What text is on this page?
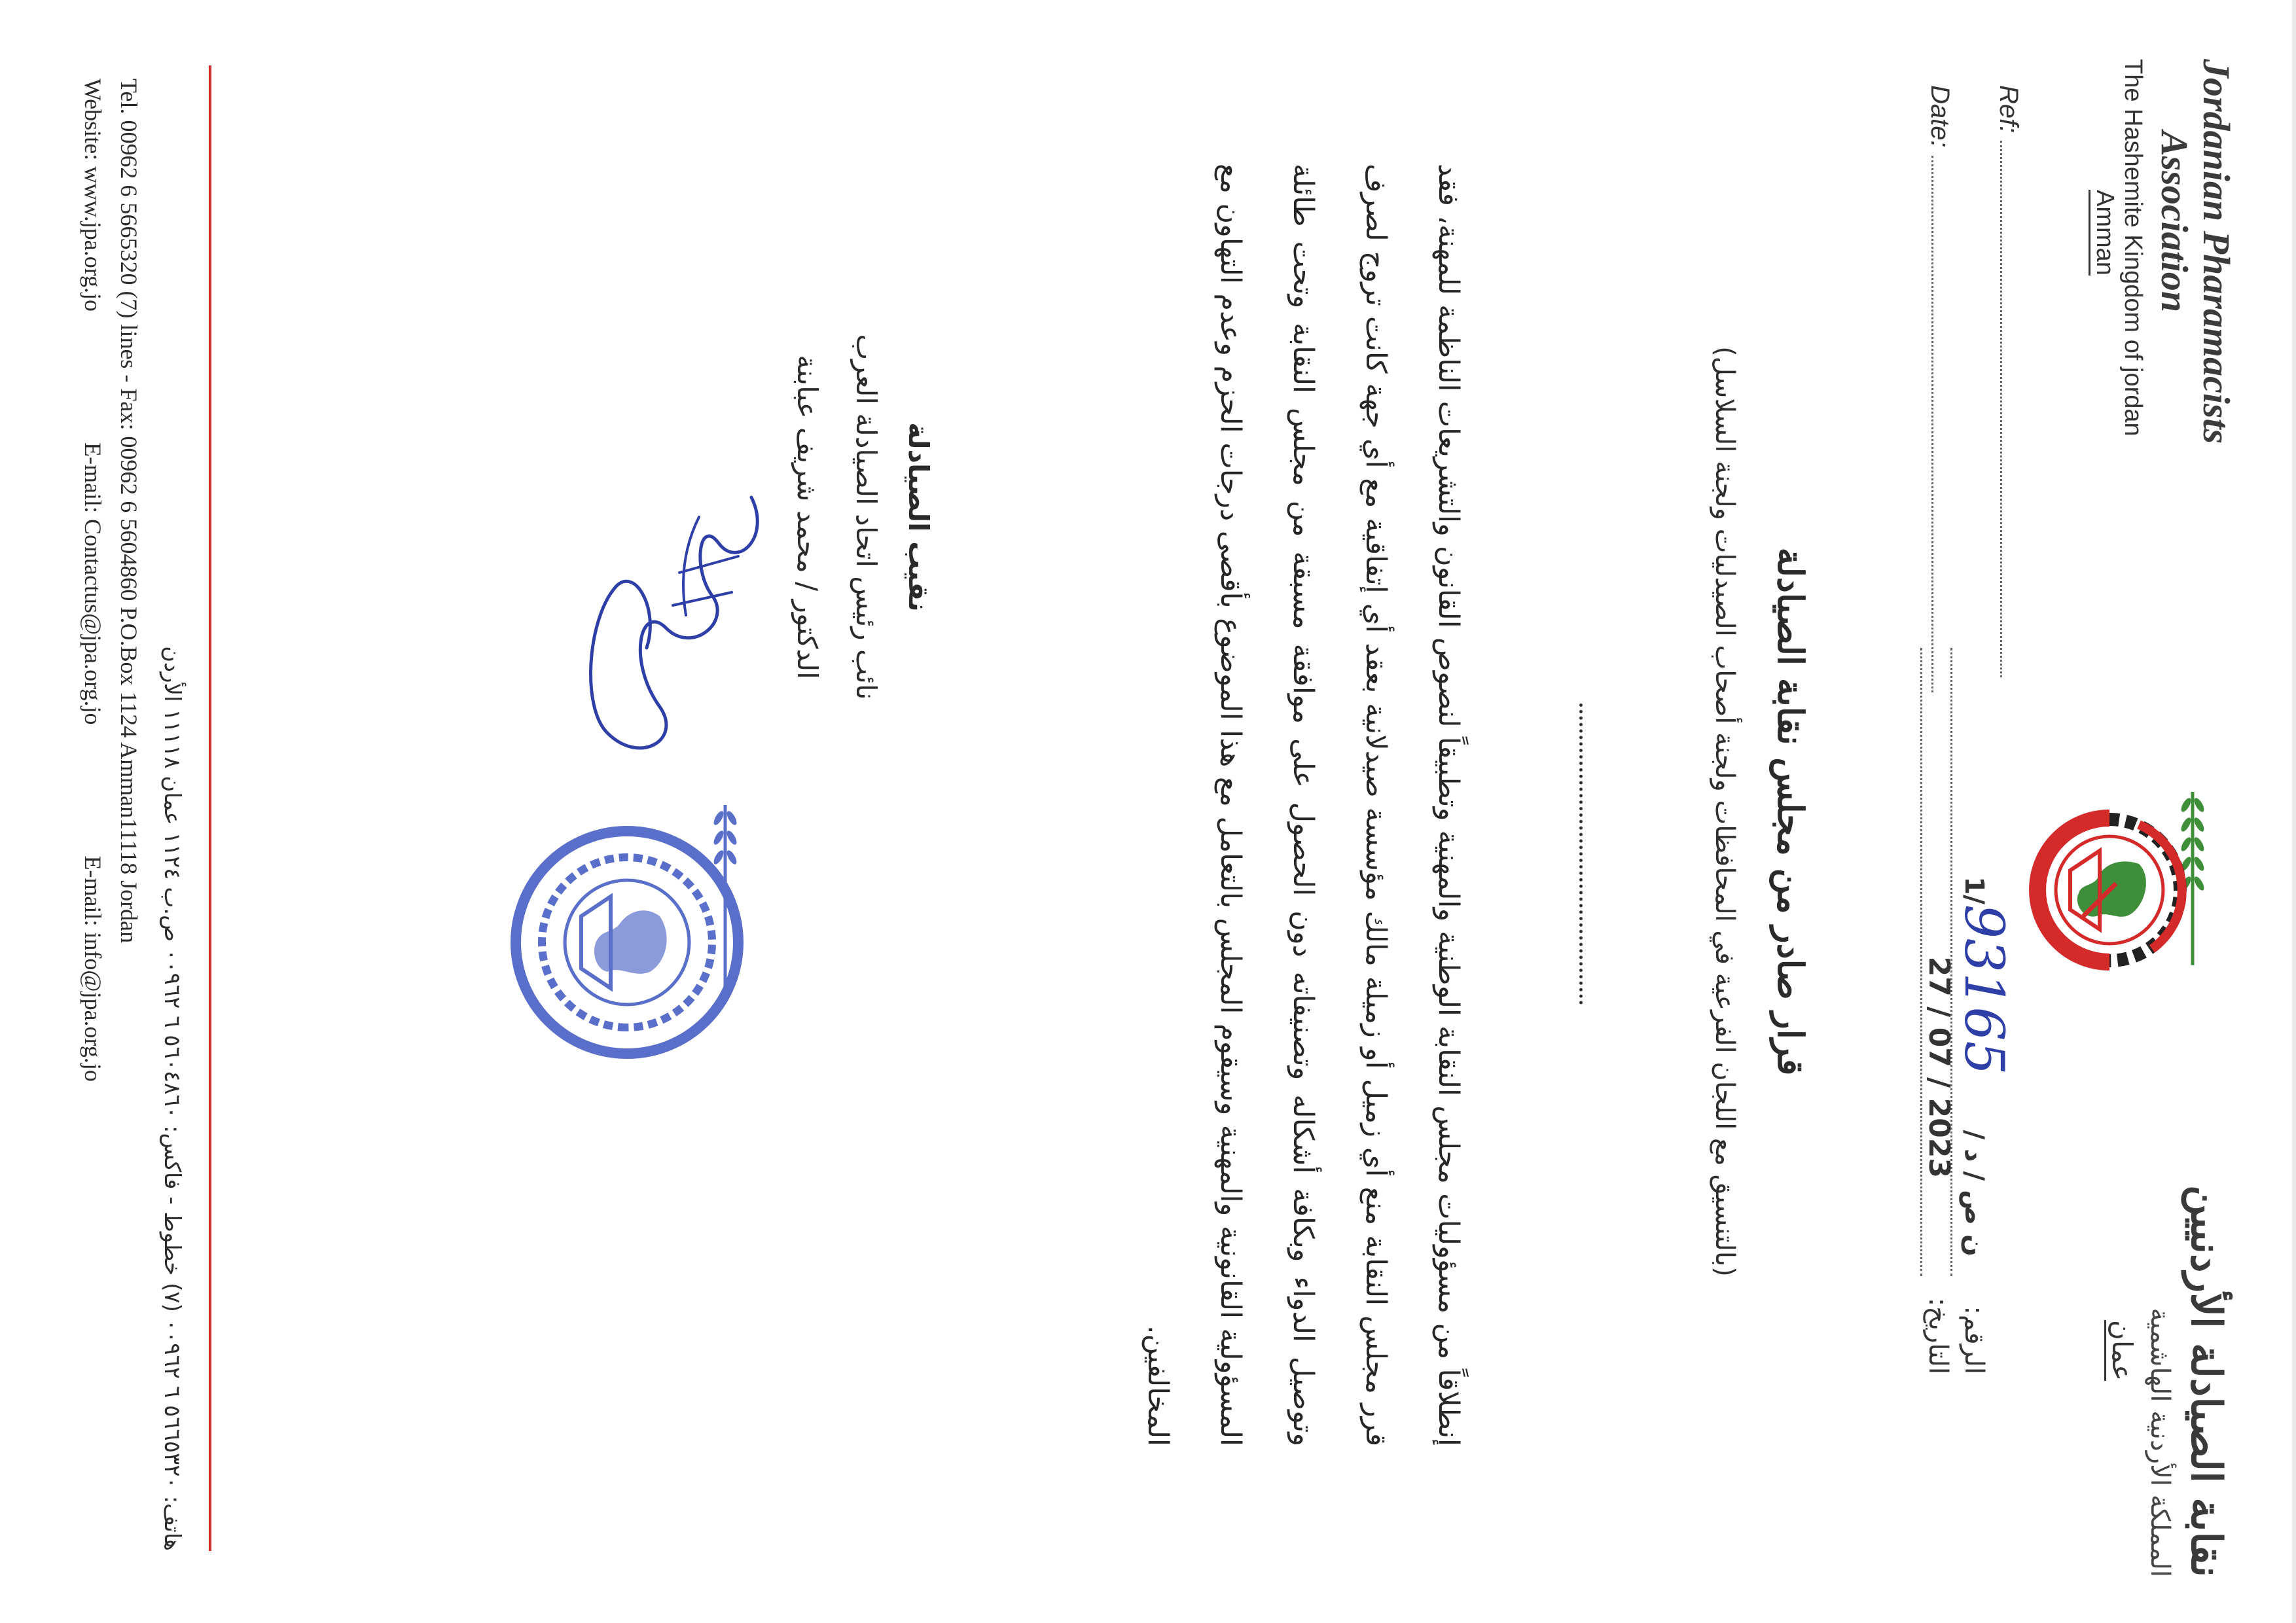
نقابة الصيادلة الأردنيين
المملكة الأردنية الهاشمية
عمان
Jordanian Pharamacists
Association
The Hashemite Kingdom of jordan
Amman
الرقم:ن ص / د / 1/93165
التاريخ:2023 / 07 / 27
Ref:
Date:
قرار صادر من مجلس نقابة الصيادلة
(بالتنسيق مع اللجان الفرعية في المحافظات ولجنة أصحاب الصيدليات ولجنة السلاسل)
إنطلاقاً من مسؤوليات مجلس النقابة الوطنية والمهنية وتطبيقاً لنصوص القانون والتشريعات الناظمة للمهنة، فقد قرر مجلس النقابة منع أي زميل أو زميلة مالك مؤسسة صيدلانية بعقد أي إتفاقية مع أي جهة كانت تروج لصرف وتوصيل الدواء وبكافة أشكاله وتصنيفاته دون الحصول على موافقة مسبقة من مجلس النقابة وتحت طائلة المسؤولية القانونية والمهنية وسيقوم المجلس بالتعامل مع هذا الموضوع بأقصى درجات الحزم وعدم التهاون مع المخالفين.
نقيب الصيادلة
نائب رئيس اتحاد الصيادلة العرب
الدكتور / محمد شريف عبابنة
هاتف: ٥٦٦٥٣٢٠ ٦ ٠٠٩٦٢ (٧) خطوط - فاكس: ٥٦٠٤٨٦٠ ٦ ٠٠٩٦٢ ص.ب ١١٢٤ عمان ١١١١٨ الأردن
Tel. 00962 6 5665320 (7) lines - Fax: 00962 6 5604860 P.O.Box 1124 Amman11118 Jordan
Website: www.jpa.org.joE-mail: Contactus@jpa.org.joE-mail: info@jpa.org.jo
